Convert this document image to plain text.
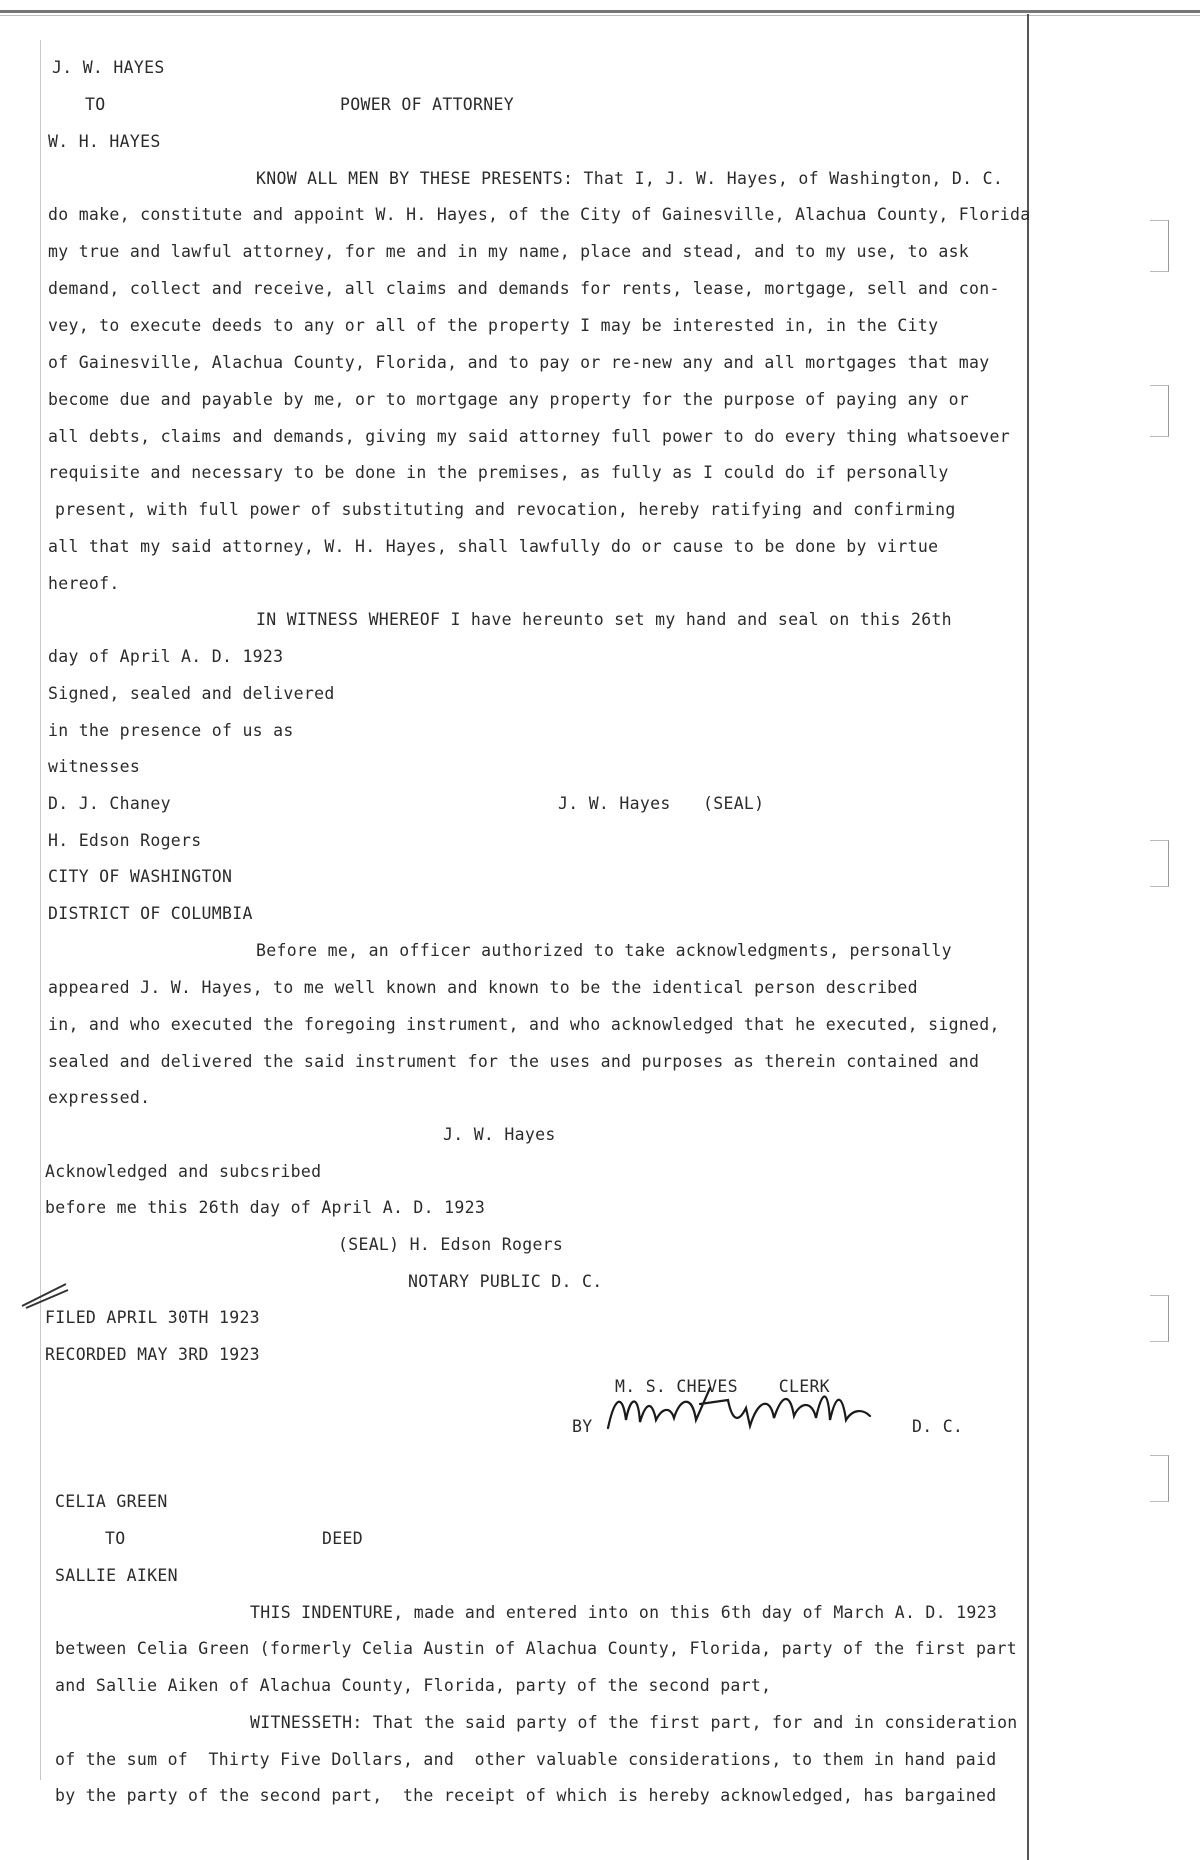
J. W. HAYES
TO	POWER OF ATTORNEY
W. H. HAYES
KNOW ALL MEN BY THESE PRESENTS: That I, J. W. Hayes, of Washington, D. C.
do make, constitute and appoint W. H. Hayes, of the City of Gainesville, Alachua County, Florida
my true and lawful attorney, for me and in my name, place and stead, and to my use, to ask
demand, collect and receive, all claims and demands for rents, lease, mortgage, sell and con-
vey, to execute deeds to any or all of the property I may be interested in, in the City
of Gainesville, Alachua County, Florida, and to pay or re-new any and all mortgages that may
become due and payable by me, or to mortgage any property for the purpose of paying any or
all debts, claims and demands, giving my said attorney full power to do every thing whatsoever
requisite and necessary to be done in the premises, as fully as I could do if personally
present, with full power of substituting and revocation, hereby ratifying and confirming
all that my said attorney, W. H. Hayes, shall lawfully do or cause to be done by virtue
hereof.
IN WITNESS WHEREOF I have hereunto set my hand and seal on this 26th
day of April A. D. 1923
Signed, sealed and delivered
in the presence of us as
witnesses
D. J. Chaney	J. W. Hayes (SEAL)
H. Edson Rogers
CITY OF WASHINGTON
DISTRICT OF COLUMBIA
Before me, an officer authorized to take acknowledgments, personally
appeared J. W. Hayes, to me well known and known to be the identical person described
in, and who executed the foregoing instrument, and who acknowledged that he executed, signed,
sealed and delivered the said instrument for the uses and purposes as therein contained and
expressed.
J. W. Hayes
Acknowledged and subcsribed
before me this 26th day of April A. D. 1923
(SEAL) H. Edson Rogers
NOTARY PUBLIC D. C.
FILED APRIL 30TH 1923
RECORDED MAY 3RD 1923
M. S. CHEVES    CLERK
BY	D. C.
CELIA GREEN
TO	DEED
SALLIE AIKEN
THIS INDENTURE, made and entered into on this 6th day of March A. D. 1923
between Celia Green (formerly Celia Austin of Alachua County, Florida, party of the first part
and Sallie Aiken of Alachua County, Florida, party of the second part,
WITNESSETH: That the said party of the first part, for and in consideration
of the sum of  Thirty Five Dollars, and  other valuable considerations, to them in hand paid
by the party of the second part,  the receipt of which is hereby acknowledged, has bargained
